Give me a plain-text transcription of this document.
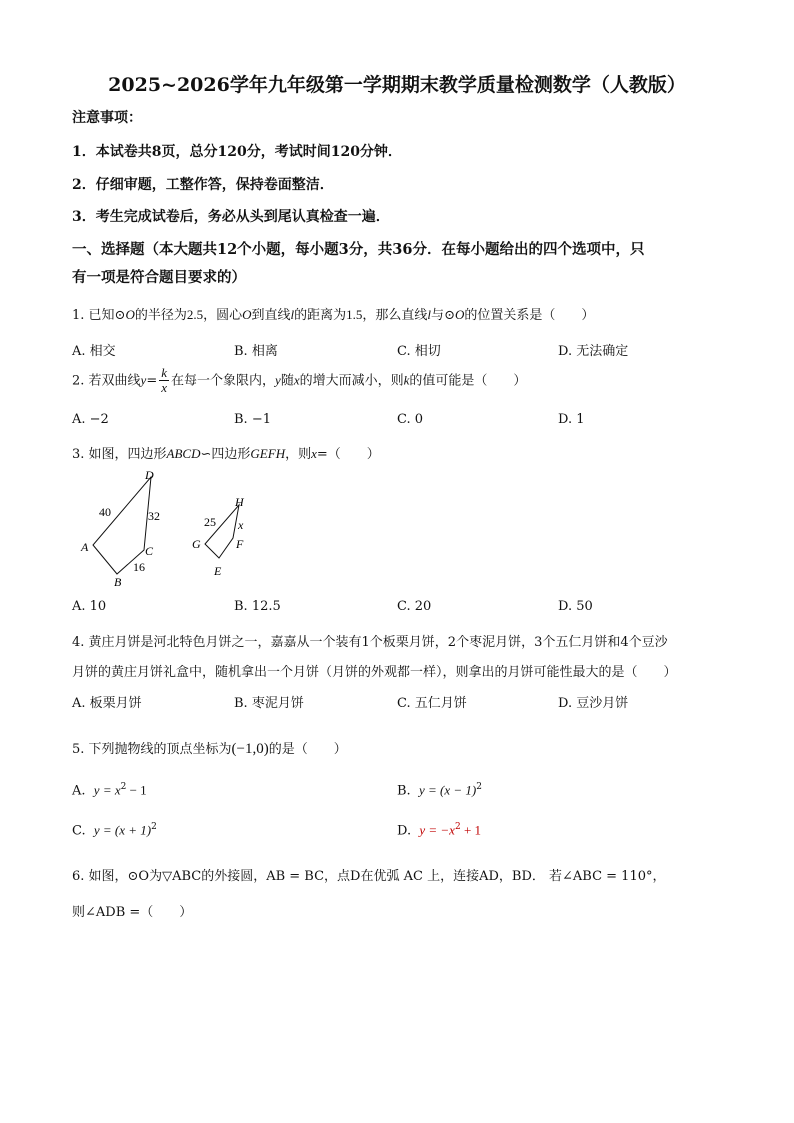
2025~2026学年九年级第一学期期末教学质量检测数学（人教版）
注意事项：
1．本试卷共8页，总分120分，考试时间120分钟．
2．仔细审题，工整作答，保持卷面整洁．
3．考生完成试卷后，务必从头到尾认真检查一遍．
一、选择题（本大题共12个小题，每小题3分，共36分．在每小题给出的四个选项中，只
有一项是符合题目要求的）
1. 已知⊙O的半径为2.5，圆心O到直线l的距离为1.5，那么直线l与⊙O的位置关系是（　　）
A. 相交	B. 相离	C. 相切	D. 无法确定
2. 若双曲线$y= \frac{k}{x}$ 在每一个象限内，y随x的增大而减小，则k的值可能是（　　）
A. −2	B. −1	C. 0	D. 1
3. 如图，四边形ABCD∽四边形GEFH，则x=（　　）
A
B
C
D
40	32
16
G
E
F
H
25 x
A. 10	B. 12.5	C. 20	D. 50
4. 黄庄月饼是河北特色月饼之一，嘉嘉从一个装有1个板栗月饼，2个枣泥月饼，3个五仁月饼和4个豆沙
月饼的黄庄月饼礼盒中，随机拿出一个月饼（月饼的外观都一样），则拿出的月饼可能性最大的是（　　）
A. 板栗月饼	B. 枣泥月饼	C. 五仁月饼	D. 豆沙月饼
5. 下列抛物线的顶点坐标为(−1,0)的是（　　）
A. $y = x^2 - 1$	B. $y = (x - 1)^2$
C. $y = (x + 1)^2$	D. $y = -x^2 + 1$
6. 如图，⊙O为▽ABC的外接圆，AB = BC，点D在优弧 AC 上，连接AD，BD． 若∠ABC = 110°，
则∠ADB =（　　）
